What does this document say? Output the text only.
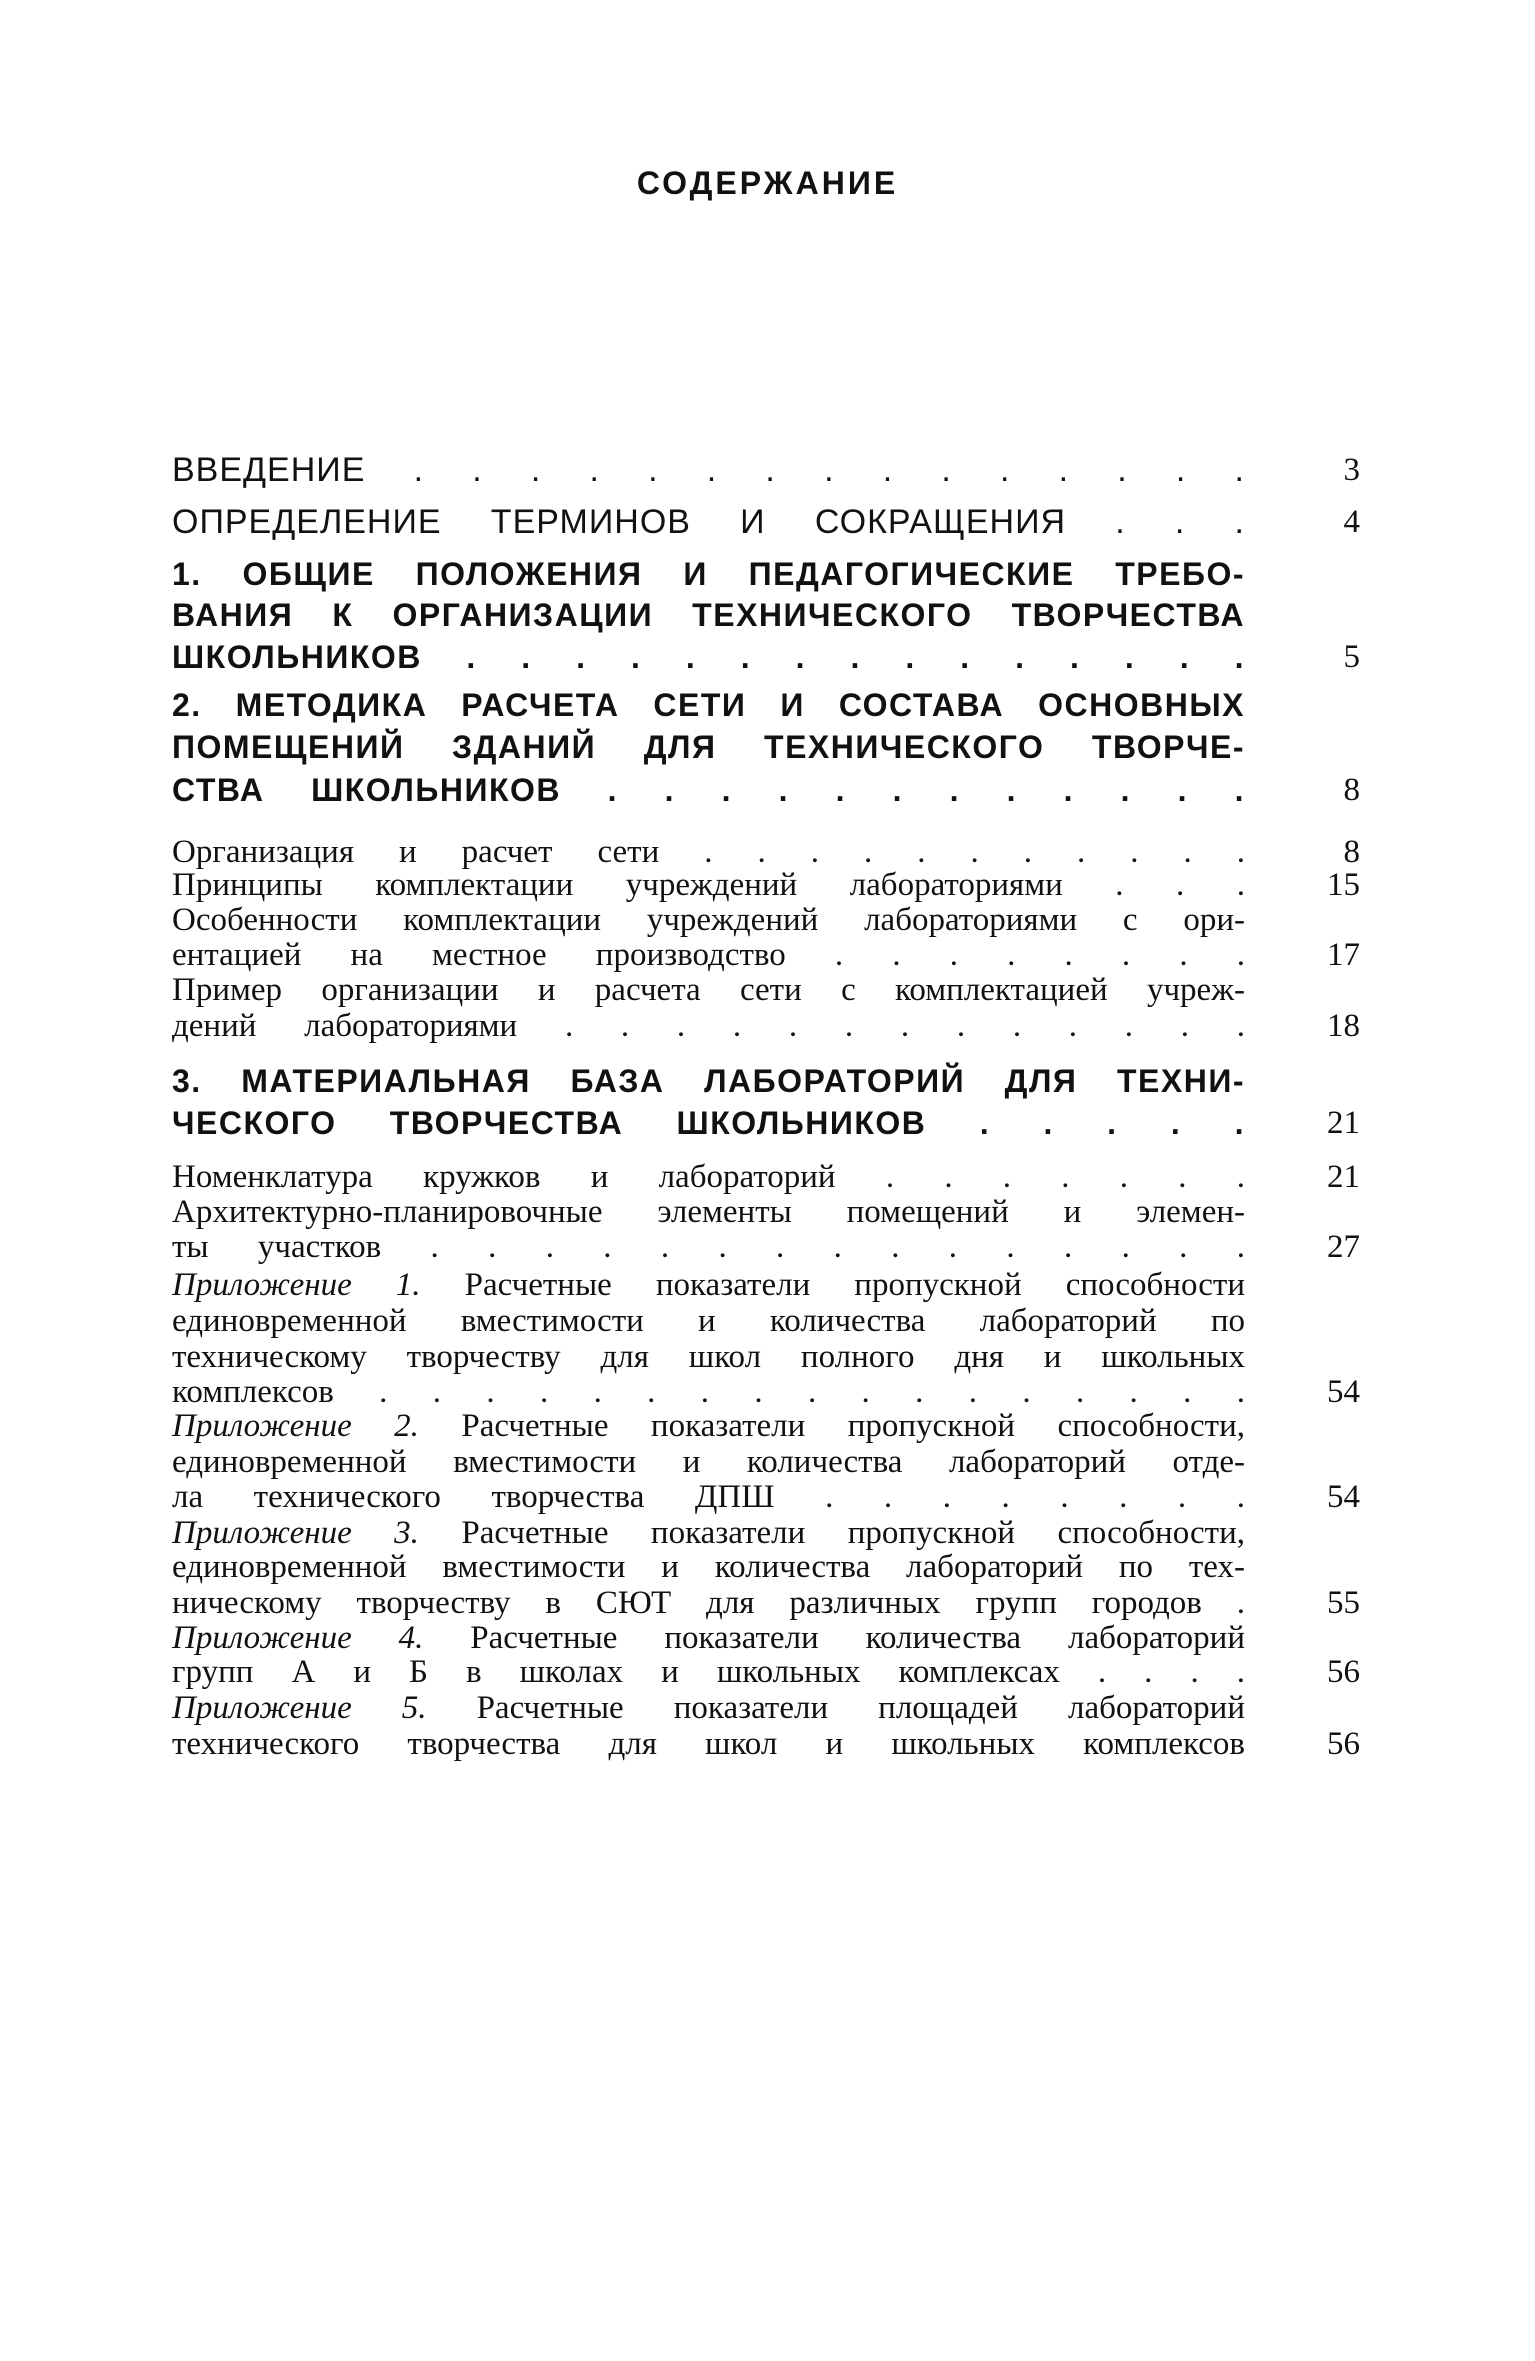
СОДЕРЖАНИЕ
ВВЕДЕНИЕ . . . . . . . . . . . . . . .	3
ОПРЕДЕЛЕНИЕ ТЕРМИНОВ И СОКРАЩЕНИЯ . . .	4
1. ОБЩИЕ ПОЛОЖЕНИЯ И ПЕДАГОГИЧЕСКИЕ ТРЕБО-
ВАНИЯ К ОРГАНИЗАЦИИ ТЕХНИЧЕСКОГО ТВОРЧЕСТВА
ШКОЛЬНИКОВ . . . . . . . . . . . . . . .	5
2. МЕТОДИКА РАСЧЕТА СЕТИ И СОСТАВА ОСНОВНЫХ
ПОМЕЩЕНИЙ ЗДАНИЙ ДЛЯ ТЕХНИЧЕСКОГО ТВОРЧЕ-
СТВА ШКОЛЬНИКОВ . . . . . . . . . . . .	8
Организация и расчет сети . . . . . . . . . . .	8
Принципы комплектации учреждений лабораториями . . .	15
Особенности комплектации учреждений лабораториями с ори-
ентацией на местное производство . . . . . . . .	17
Пример организации и расчета сети с комплектацией учреж-
дений лабораториями . . . . . . . . . . . . .	18
3. МАТЕРИАЛЬНАЯ БАЗА ЛАБОРАТОРИЙ ДЛЯ ТЕХНИ-
ЧЕСКОГО ТВОРЧЕСТВА ШКОЛЬНИКОВ . . . . .	21
Номенклатура кружков и лабораторий . . . . . . .	21
Архитектурно-планировочные элементы помещений и элемен-
ты участков . . . . . . . . . . . . . . .	27
Приложение 1. Расчетные показатели пропускной способности
единовременной вместимости и количества лабораторий по
техническому творчеству для школ полного дня и школьных
комплексов . . . . . . . . . . . . . . . . .	54
Приложение 2. Расчетные показатели пропускной способности,
единовременной вместимости и количества лабораторий отде-
ла технического творчества ДПШ . . . . . . . .	54
Приложение 3. Расчетные показатели пропускной способности,
единовременной вместимости и количества лабораторий по тех-
ническому творчеству в СЮТ для различных групп городов .	55
Приложение 4. Расчетные показатели количества лабораторий
групп А и Б в школах и школьных комплексах . . . .	56
Приложение 5. Расчетные показатели площадей лабораторий
технического творчества для школ и школьных комплексов	56
